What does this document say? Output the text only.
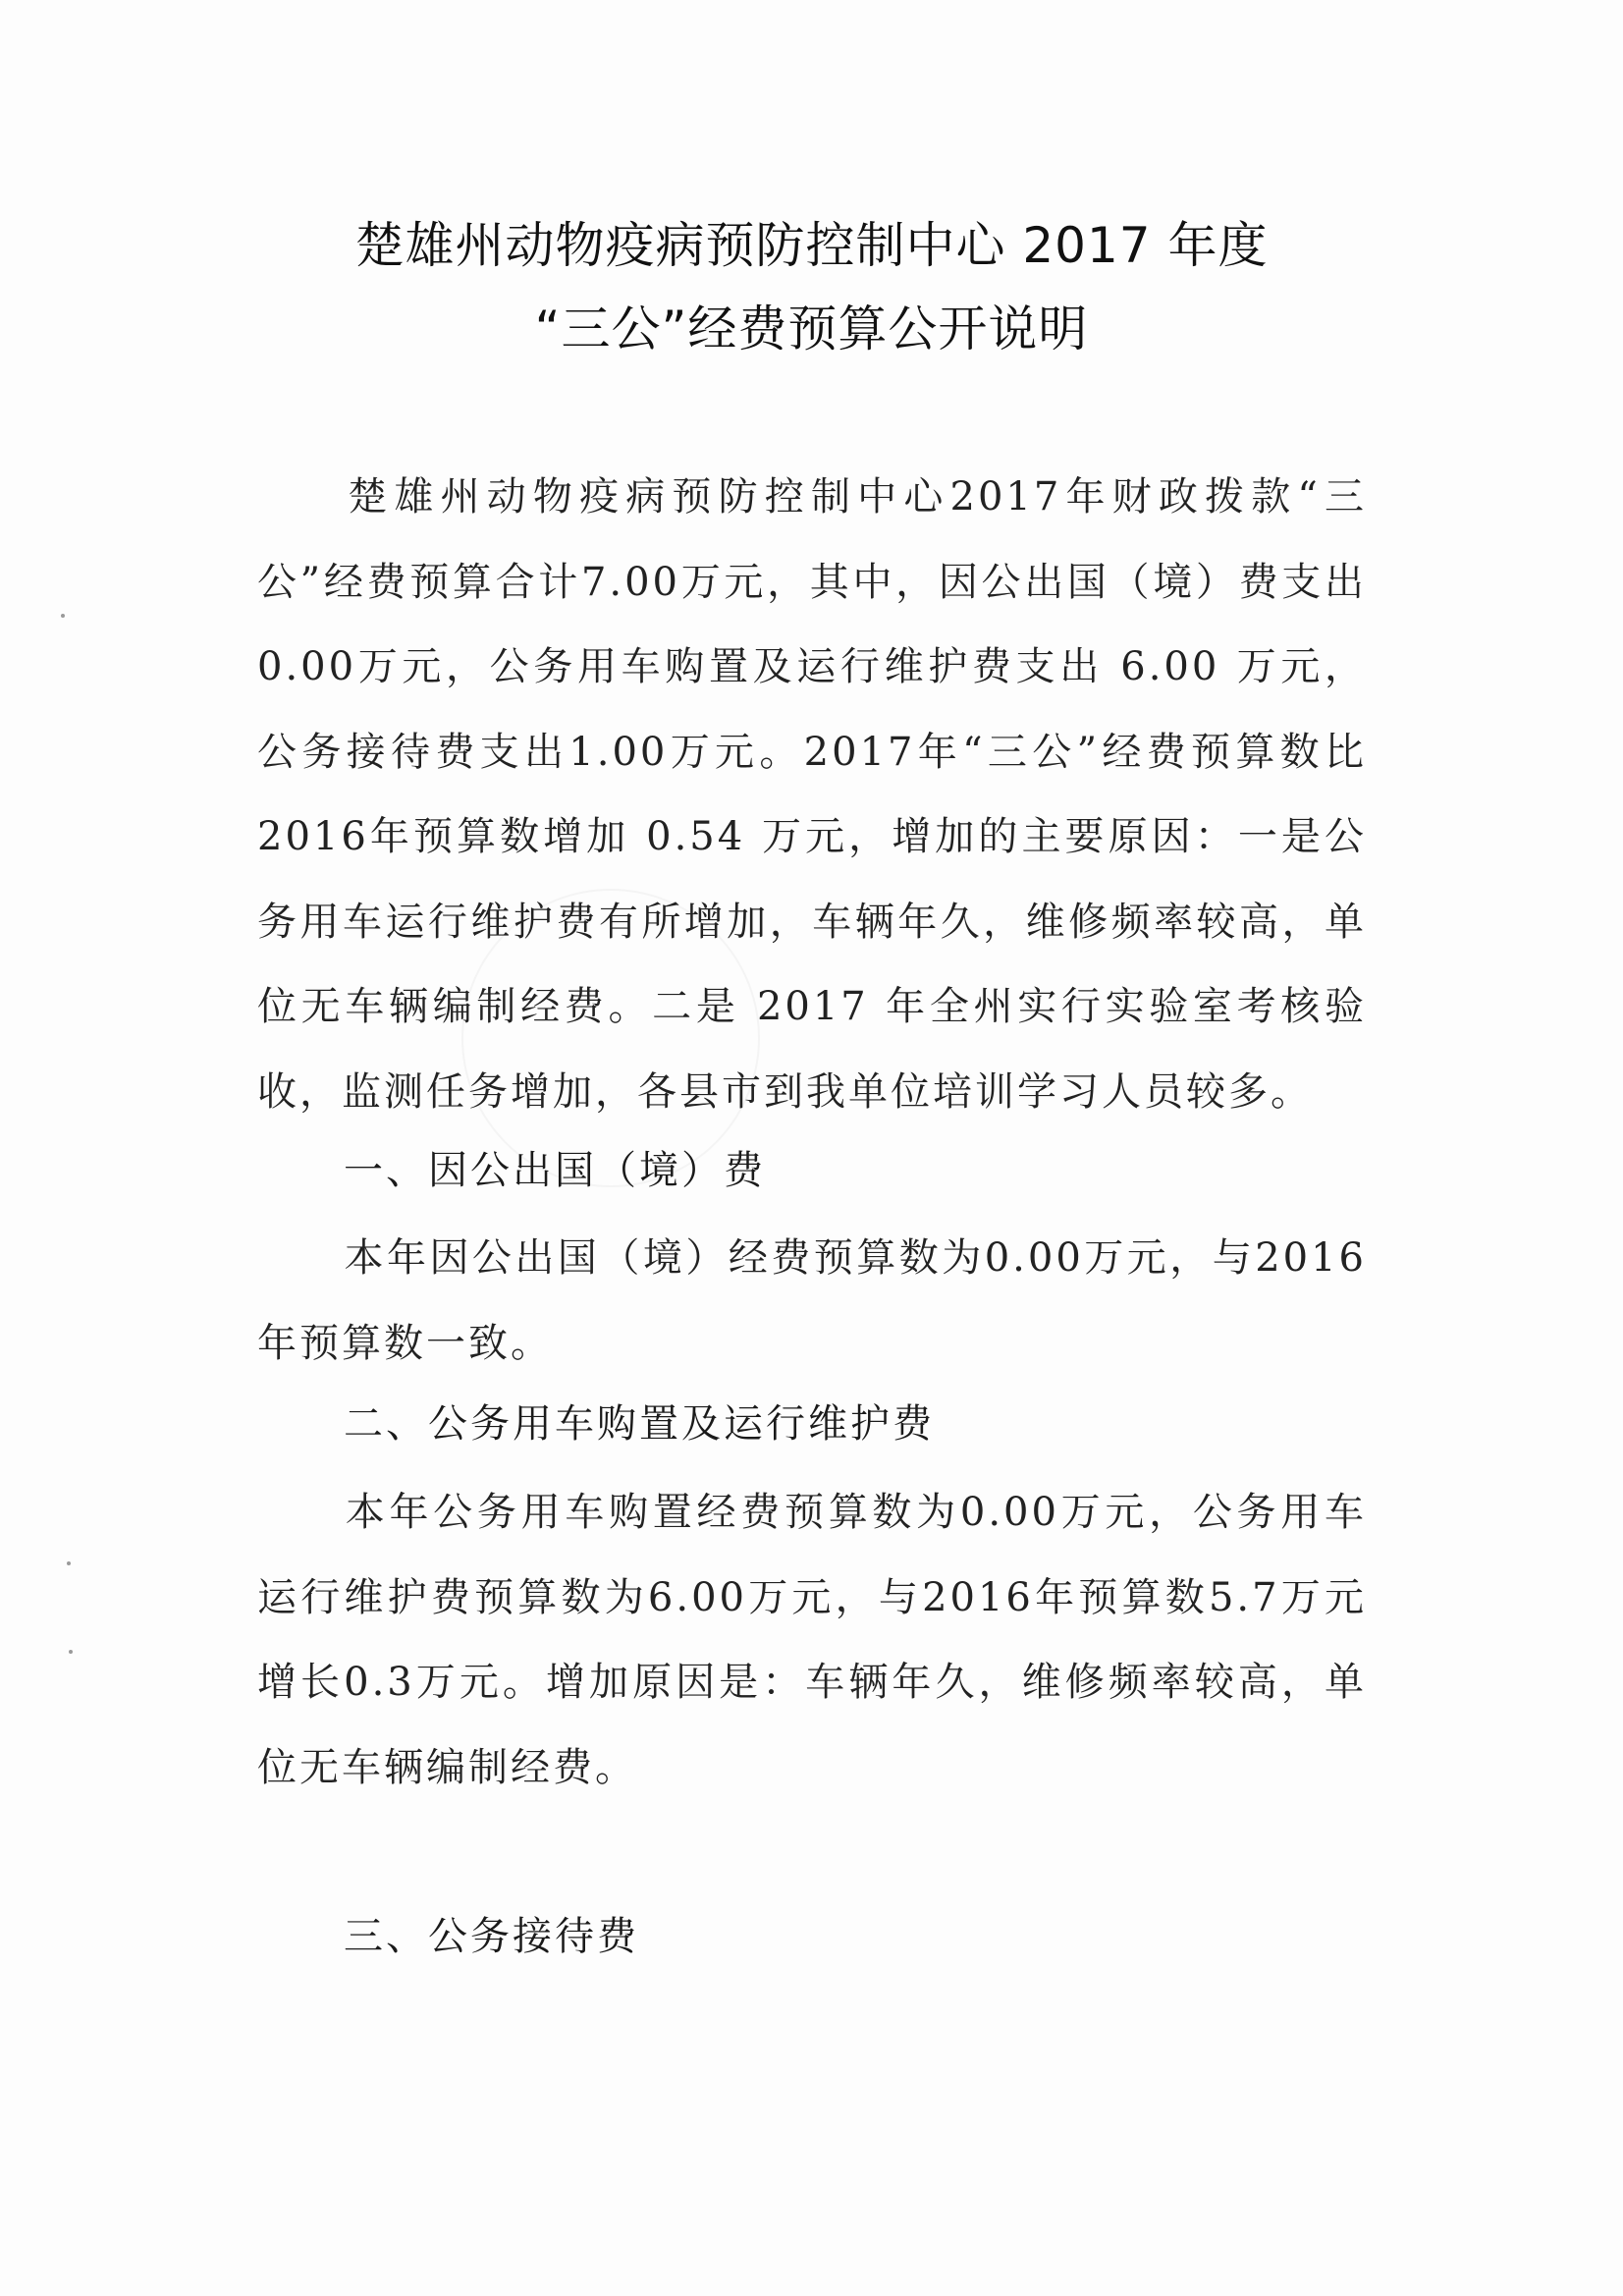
楚雄州动物疫病预防控制中心 2017 年度
“三公”经费预算公开说明

楚雄州动物疫病预防控制中心2017年财政拨款“三公”经费预算合计7.00万元，其中，因公出国（境）费支出0.00万元，公务用车购置及运行维护费支出 6.00 万元，公务接待费支出1.00万元。2017年“三公”经费预算数比2016年预算数增加 0.54 万元，增加的主要原因：一是公务用车运行维护费有所增加，车辆年久，维修频率较高，单位无车辆编制经费。二是 2017 年全州实行实验室考核验收，监测任务增加，各县市到我单位培训学习人员较多。

一、因公出国（境）费

本年因公出国（境）经费预算数为0.00万元，与2016年预算数一致。

二、公务用车购置及运行维护费

本年公务用车购置经费预算数为0.00万元，公务用车运行维护费预算数为6.00万元，与2016年预算数5.7万元增长0.3万元。增加原因是：车辆年久，维修频率较高，单位无车辆编制经费。

三、公务接待费
